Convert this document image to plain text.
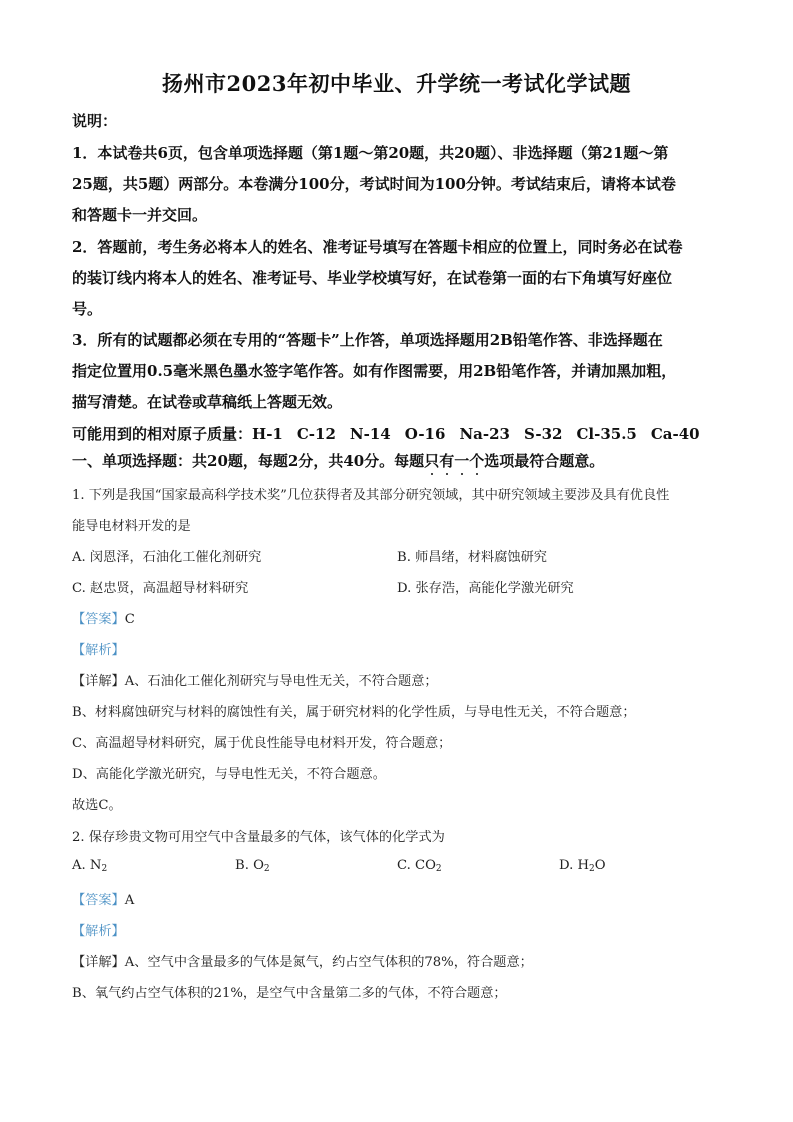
扬州市2023年初中毕业、升学统一考试化学试题
说明：
1．本试卷共6页，包含单项选择题（第1题～第20题，共20题）、非选择题（第21题～第
25题，共5题）两部分。本卷满分100分，考试时间为100分钟。考试结束后，请将本试卷
和答题卡一并交回。
2．答题前，考生务必将本人的姓名、准考证号填写在答题卡相应的位置上，同时务必在试卷
的装订线内将本人的姓名、准考证号、毕业学校填写好，在试卷第一面的右下角填写好座位
号。
3．所有的试题都必须在专用的“答题卡”上作答，单项选择题用2B铅笔作答、非选择题在
指定位置用0.5毫米黑色墨水签字笔作答。如有作图需要，用2B铅笔作答，并请加黑加粗，
描写清楚。在试卷或草稿纸上答题无效。
可能用到的相对原子质量：H-1 C-12 N-14 O-16 Na-23 S-32 Cl-35.5 Ca-40
一、单项选择题：共20题，每题2分，共40分。每题只有一个选项最符合题意。
1. 下列是我国“国家最高科学技术奖”几位获得者及其部分研究领域，其中研究领域主要涉及具有优良性
能导电材料开发的是
A. 闵恩泽，石油化工催化剂研究	B. 师昌绪，材料腐蚀研究
C. 赵忠贤，高温超导材料研究	D. 张存浩，高能化学激光研究
【答案】C
【解析】
【详解】A、石油化工催化剂研究与导电性无关，不符合题意；
B、材料腐蚀研究与材料的腐蚀性有关，属于研究材料的化学性质，与导电性无关，不符合题意；
C、高温超导材料研究，属于优良性能导电材料开发，符合题意；
D、高能化学激光研究，与导电性无关，不符合题意。
故选C。
2. 保存珍贵文物可用空气中含量最多的气体，该气体的化学式为
A. $N_2$	B. $O_2$	C. $CO_2$	D. $H_2O$
【答案】A
【解析】
【详解】A、空气中含量最多的气体是氮气，约占空气体积的78%，符合题意；
B、氧气约占空气体积的21%，是空气中含量第二多的气体，不符合题意；
